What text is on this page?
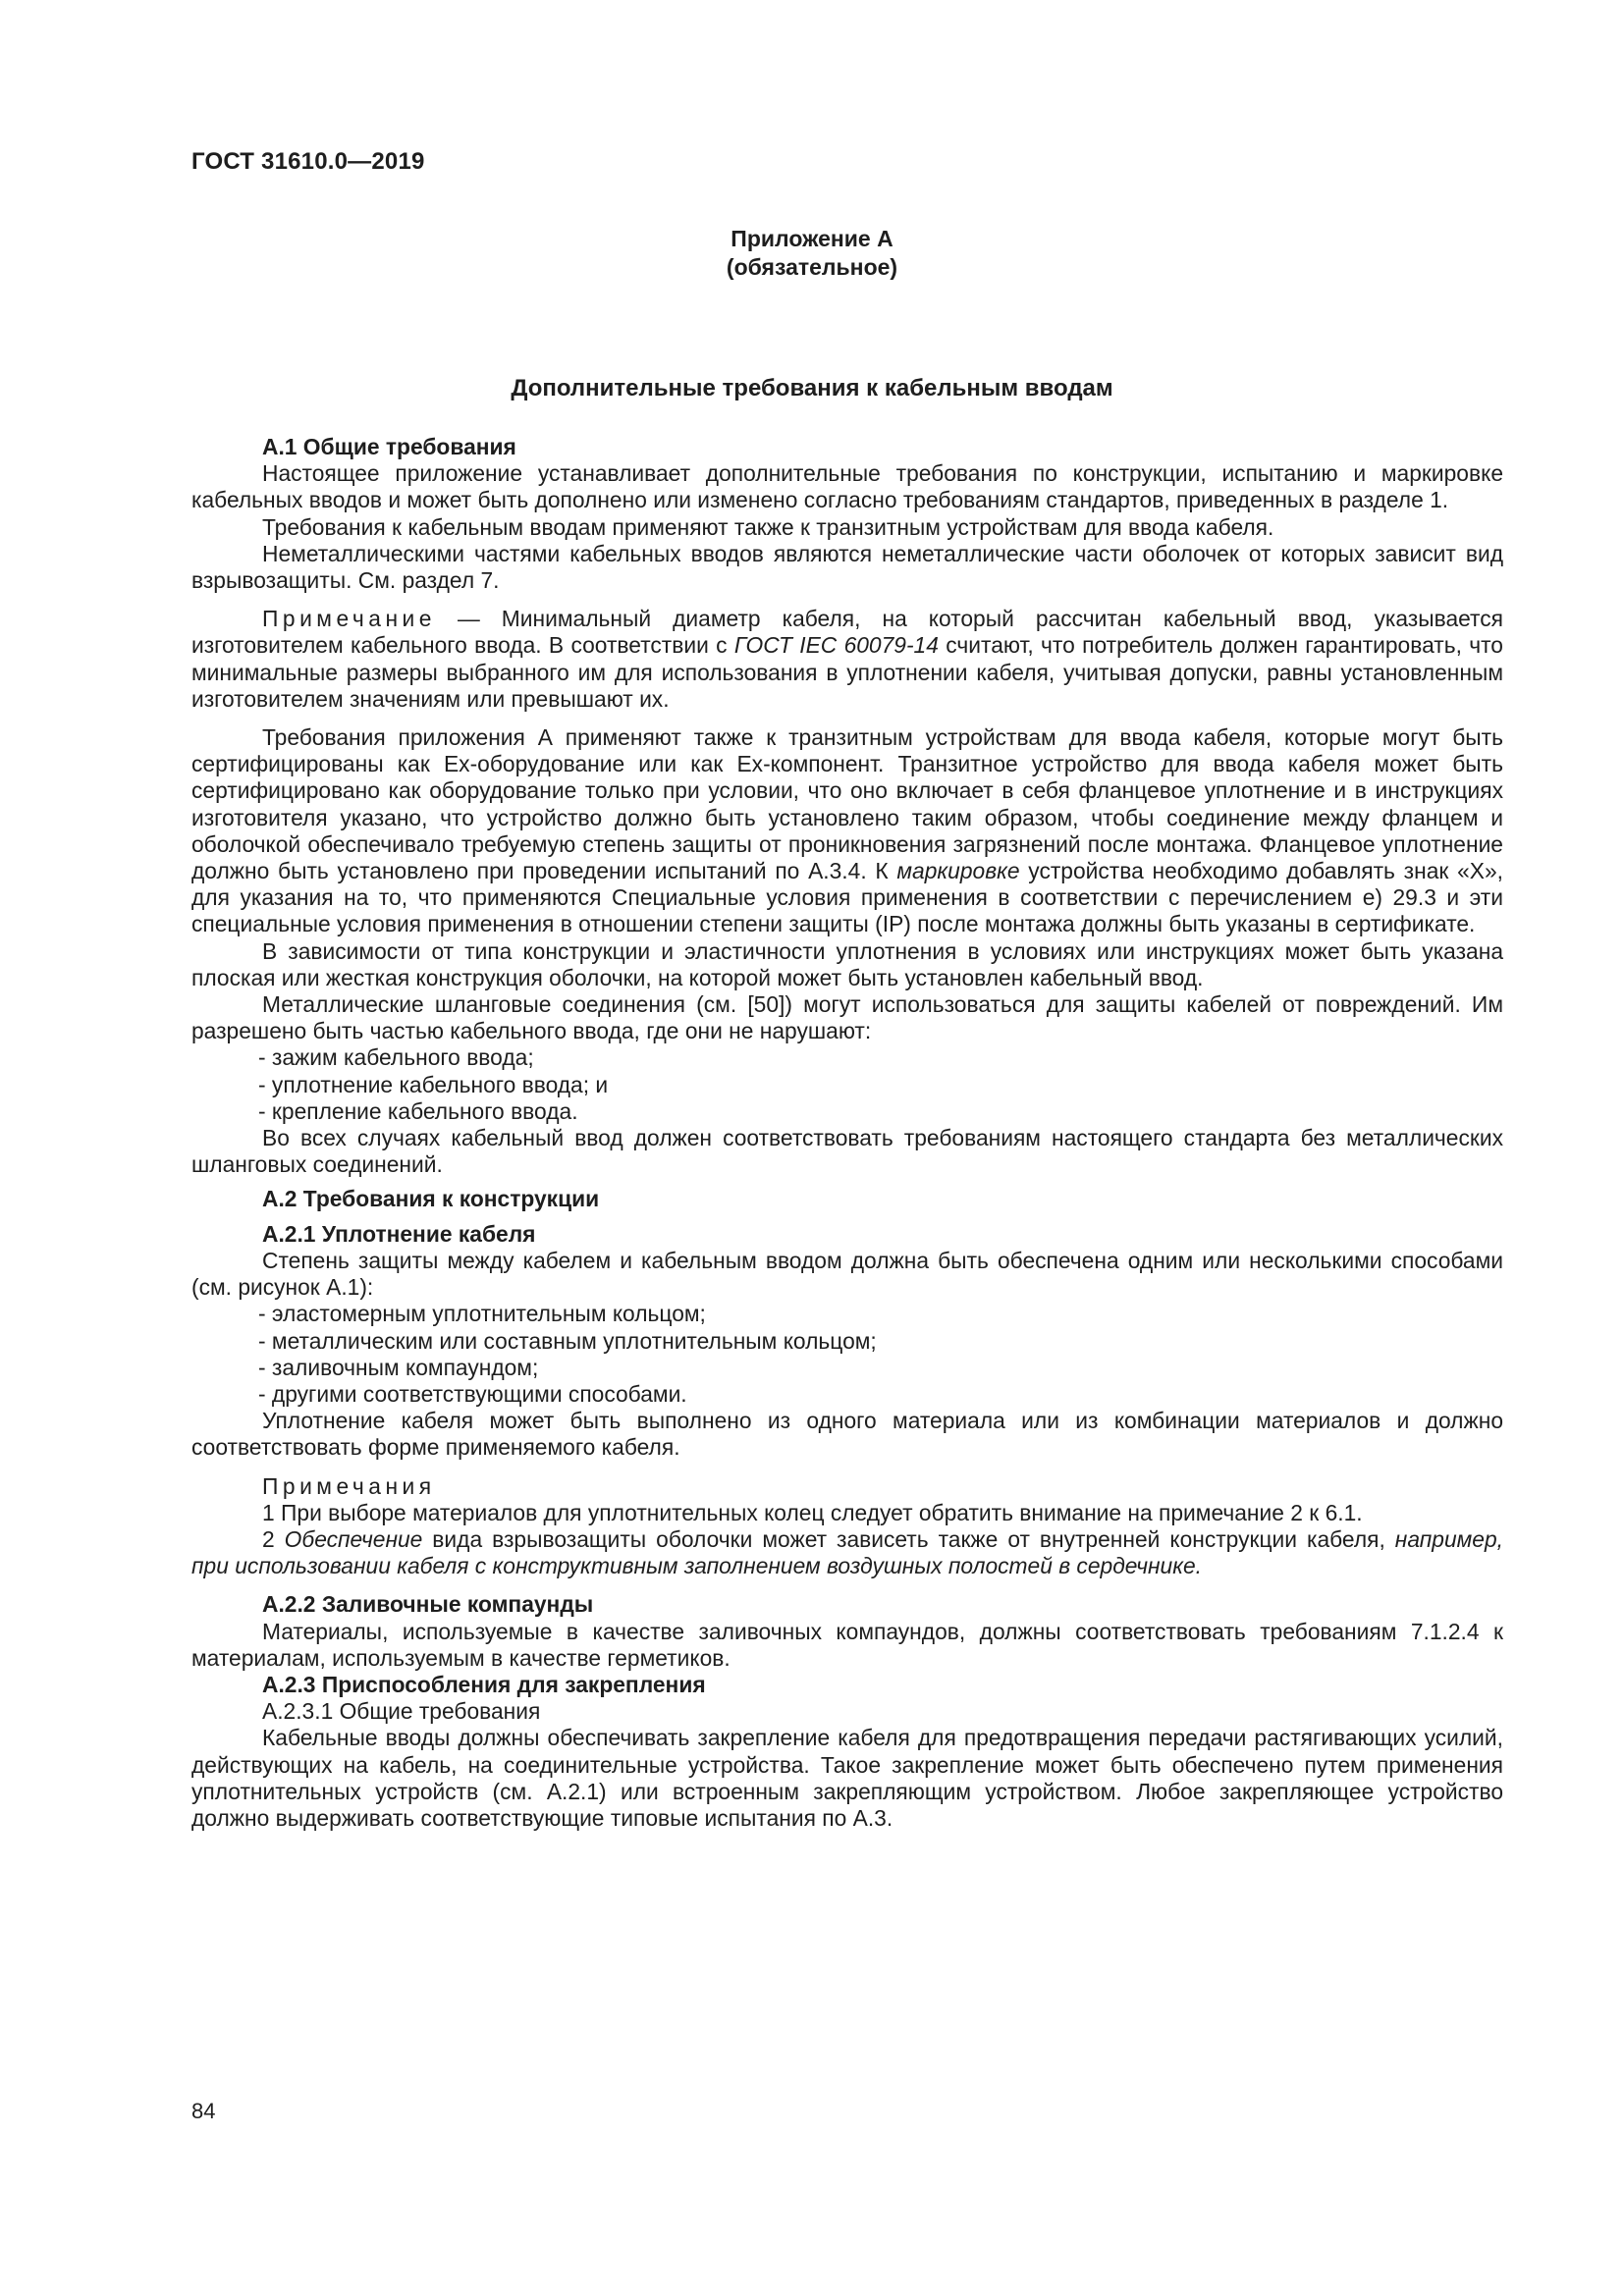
ГОСТ 31610.0—2019

Приложение А
(обязательное)

Дополнительные требования к кабельным вводам

А.1 Общие требования

Настоящее приложение устанавливает дополнительные требования по конструкции, испытанию и маркировке кабельных вводов и может быть дополнено или изменено согласно требованиям стандартов, приведенных в разделе 1.

Требования к кабельным вводам применяют также к транзитным устройствам для ввода кабеля.

Неметаллическими частями кабельных вводов являются неметаллические части оболочек от которых зависит вид взрывозащиты. См. раздел 7.

Примечание — Минимальный диаметр кабеля, на который рассчитан кабельный ввод, указывается изготовителем кабельного ввода. В соответствии с ГОСТ IEC 60079-14 считают, что потребитель должен гарантировать, что минимальные размеры выбранного им для использования в уплотнении кабеля, учитывая допуски, равны установленным изготовителем значениям или превышают их.

Требования приложения А применяют также к транзитным устройствам для ввода кабеля, которые могут быть сертифицированы как Ex-оборудование или как Ex-компонент. Транзитное устройство для ввода кабеля может быть сертифицировано как оборудование только при условии, что оно включает в себя фланцевое уплотнение и в инструкциях изготовителя указано, что устройство должно быть установлено таким образом, чтобы соединение между фланцем и оболочкой обеспечивало требуемую степень защиты от проникновения загрязнений после монтажа. Фланцевое уплотнение должно быть установлено при проведении испытаний по А.3.4. К маркировке устройства необходимо добавлять знак «X», для указания на то, что применяются Специальные условия применения в соответствии с перечислением е) 29.3 и эти специальные условия применения в отношении степени защиты (IP) после монтажа должны быть указаны в сертификате.

В зависимости от типа конструкции и эластичности уплотнения в условиях или инструкциях может быть указана плоская или жесткая конструкция оболочки, на которой может быть установлен кабельный ввод.

Металлические шланговые соединения (см. [50]) могут использоваться для защиты кабелей от повреждений. Им разрешено быть частью кабельного ввода, где они не нарушают:

- зажим кабельного ввода;

- уплотнение кабельного ввода; и

- крепление кабельного ввода.

Во всех случаях кабельный ввод должен соответствовать требованиям настоящего стандарта без металлических шланговых соединений.

А.2 Требования к конструкции

А.2.1 Уплотнение кабеля

Степень защиты между кабелем и кабельным вводом должна быть обеспечена одним или несколькими способами (см. рисунок А.1):

- эластомерным уплотнительным кольцом;

- металлическим или составным уплотнительным кольцом;

- заливочным компаундом;

- другими соответствующими способами.

Уплотнение кабеля может быть выполнено из одного материала или из комбинации материалов и должно соответствовать форме применяемого кабеля.

Примечания

1 При выборе материалов для уплотнительных колец следует обратить внимание на примечание 2 к 6.1.

2 Обеспечение вида взрывозащиты оболочки может зависеть также от внутренней конструкции кабеля, например, при использовании кабеля с конструктивным заполнением воздушных полостей в сердечнике.

А.2.2 Заливочные компаунды

Материалы, используемые в качестве заливочных компаундов, должны соответствовать требованиям 7.1.2.4 к материалам, используемым в качестве герметиков.

А.2.3 Приспособления для закрепления

А.2.3.1 Общие требования

Кабельные вводы должны обеспечивать закрепление кабеля для предотвращения передачи растягивающих усилий, действующих на кабель, на соединительные устройства. Такое закрепление может быть обеспечено путем применения уплотнительных устройств (см. А.2.1) или встроенным закрепляющим устройством. Любое закрепляющее устройство должно выдерживать соответствующие типовые испытания по А.3.

84
